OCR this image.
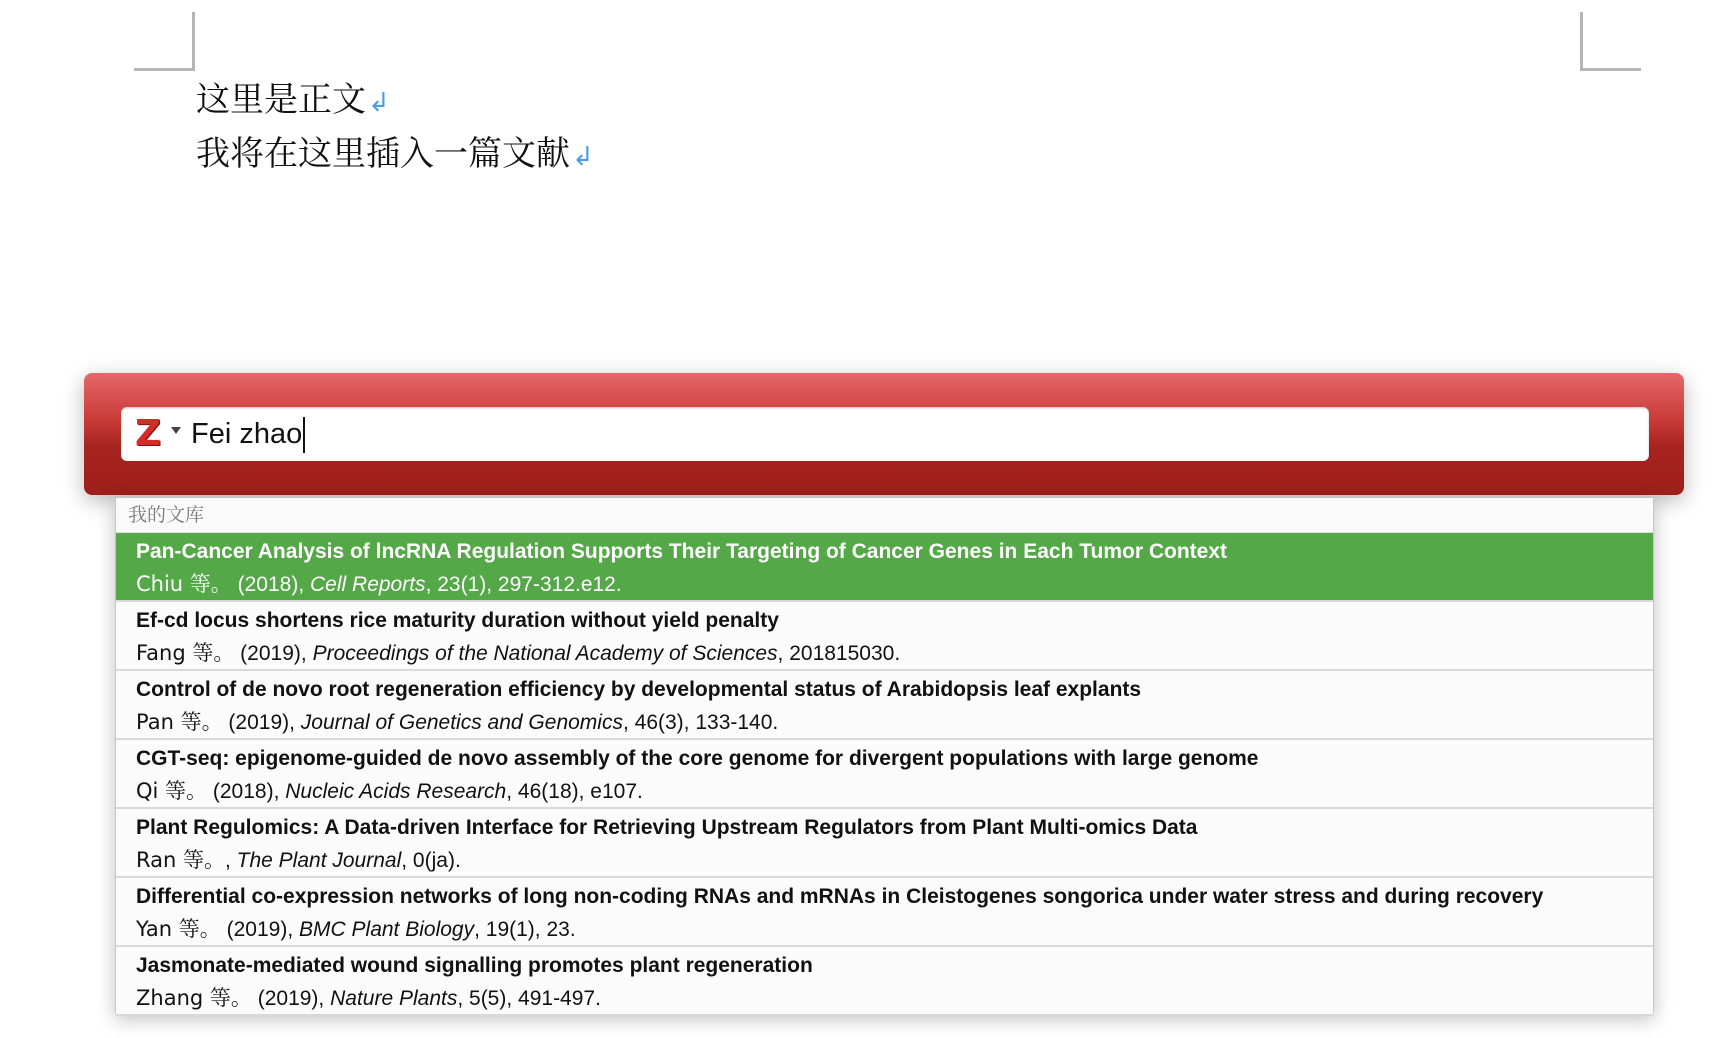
这里是正文↲
我将在这里插入一篇文献↲
Z Fei zhao
我的文库
Pan-Cancer Analysis of lncRNA Regulation Supports Their Targeting of Cancer Genes in Each Tumor Context
Chiu 等。 (2018), Cell Reports, 23(1), 297-312.e12.
Ef-cd locus shortens rice maturity duration without yield penalty
Fang 等。 (2019), Proceedings of the National Academy of Sciences, 201815030.
Control of de novo root regeneration efficiency by developmental status of Arabidopsis leaf explants
Pan 等。 (2019), Journal of Genetics and Genomics, 46(3), 133-140.
CGT-seq: epigenome-guided de novo assembly of the core genome for divergent populations with large genome
Qi 等。 (2018), Nucleic Acids Research, 46(18), e107.
Plant Regulomics: A Data-driven Interface for Retrieving Upstream Regulators from Plant Multi-omics Data
Ran 等。, The Plant Journal, 0(ja).
Differential co-expression networks of long non-coding RNAs and mRNAs in Cleistogenes songorica under water stress and during recovery
Yan 等。 (2019), BMC Plant Biology, 19(1), 23.
Jasmonate-mediated wound signalling promotes plant regeneration
Zhang 等。 (2019), Nature Plants, 5(5), 491-497.
